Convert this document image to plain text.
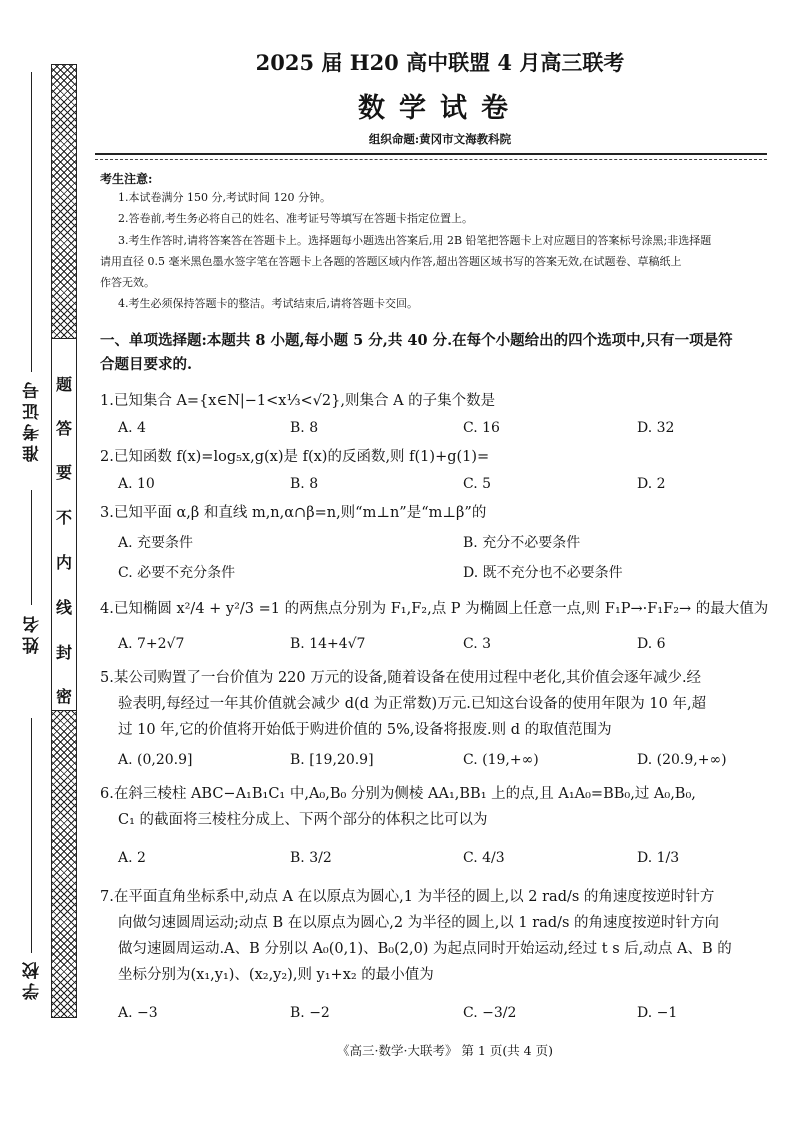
题
答
要
不
内
线
封
密
准考证号
姓名
学校
2025 届 H20 高中联盟 4 月高三联考
数学试卷
组织命题:黄冈市文海教科院
考生注意:
1.本试卷满分 150 分,考试时间 120 分钟。
2.答卷前,考生务必将自己的姓名、准考证号等填写在答题卡指定位置上。
3.考生作答时,请将答案答在答题卡上。选择题每小题选出答案后,用 2B 铅笔把答题卡上对应题目的答案标号涂黑;非选择题
请用直径 0.5 毫米黑色墨水签字笔在答题卡上各题的答题区域内作答,超出答题区域书写的答案无效,在试题卷、草稿纸上
作答无效。
4.考生必须保持答题卡的整洁。考试结束后,请将答题卡交回。
一、单项选择题:本题共 8 小题,每小题 5 分,共 40 分.在每个小题给出的四个选项中,只有一项是符
合题目要求的.
1.已知集合 A={x∈N|−1<x⅓<√2},则集合 A 的子集个数是
A. 4	B. 8	C. 16	D. 32
2.已知函数 f(x)=log₅x,g(x)是 f(x)的反函数,则 f(1)+g(1)=
A. 10	B. 8	C. 5	D. 2
3.已知平面 α,β 和直线 m,n,α∩β=n,则“m⊥n”是“m⊥β”的
A. 充要条件	B. 充分不必要条件
C. 必要不充分条件	D. 既不充分也不必要条件
4.已知椭圆 x²/4 + y²/3 =1 的两焦点分别为 F₁,F₂,点 P 为椭圆上任意一点,则 F₁P→·F₁F₂→ 的最大值为
A. 7+2√7	B. 14+4√7	C. 3	D. 6
5.某公司购置了一台价值为 220 万元的设备,随着设备在使用过程中老化,其价值会逐年减少.经
验表明,每经过一年其价值就会减少 d(d 为正常数)万元.已知这台设备的使用年限为 10 年,超
过 10 年,它的价值将开始低于购进价值的 5%,设备将报废.则 d 的取值范围为
A. (0,20.9]	B. [19,20.9]	C. (19,+∞)	D. (20.9,+∞)
6.在斜三棱柱 ABC−A₁B₁C₁ 中,A₀,B₀ 分别为侧棱 AA₁,BB₁ 上的点,且 A₁A₀=BB₀,过 A₀,B₀,
C₁ 的截面将三棱柱分成上、下两个部分的体积之比可以为
A. 2	B. 3/2	C. 4/3	D. 1/3
7.在平面直角坐标系中,动点 A 在以原点为圆心,1 为半径的圆上,以 2 rad/s 的角速度按逆时针方
向做匀速圆周运动;动点 B 在以原点为圆心,2 为半径的圆上,以 1 rad/s 的角速度按逆时针方向
做匀速圆周运动.A、B 分别以 A₀(0,1)、B₀(2,0) 为起点同时开始运动,经过 t s 后,动点 A、B 的
坐标分别为(x₁,y₁)、(x₂,y₂),则 y₁+x₂ 的最小值为
A. −3	B. −2	C. −3/2	D. −1
《高三·数学·大联考》 第 1 页(共 4 页)
